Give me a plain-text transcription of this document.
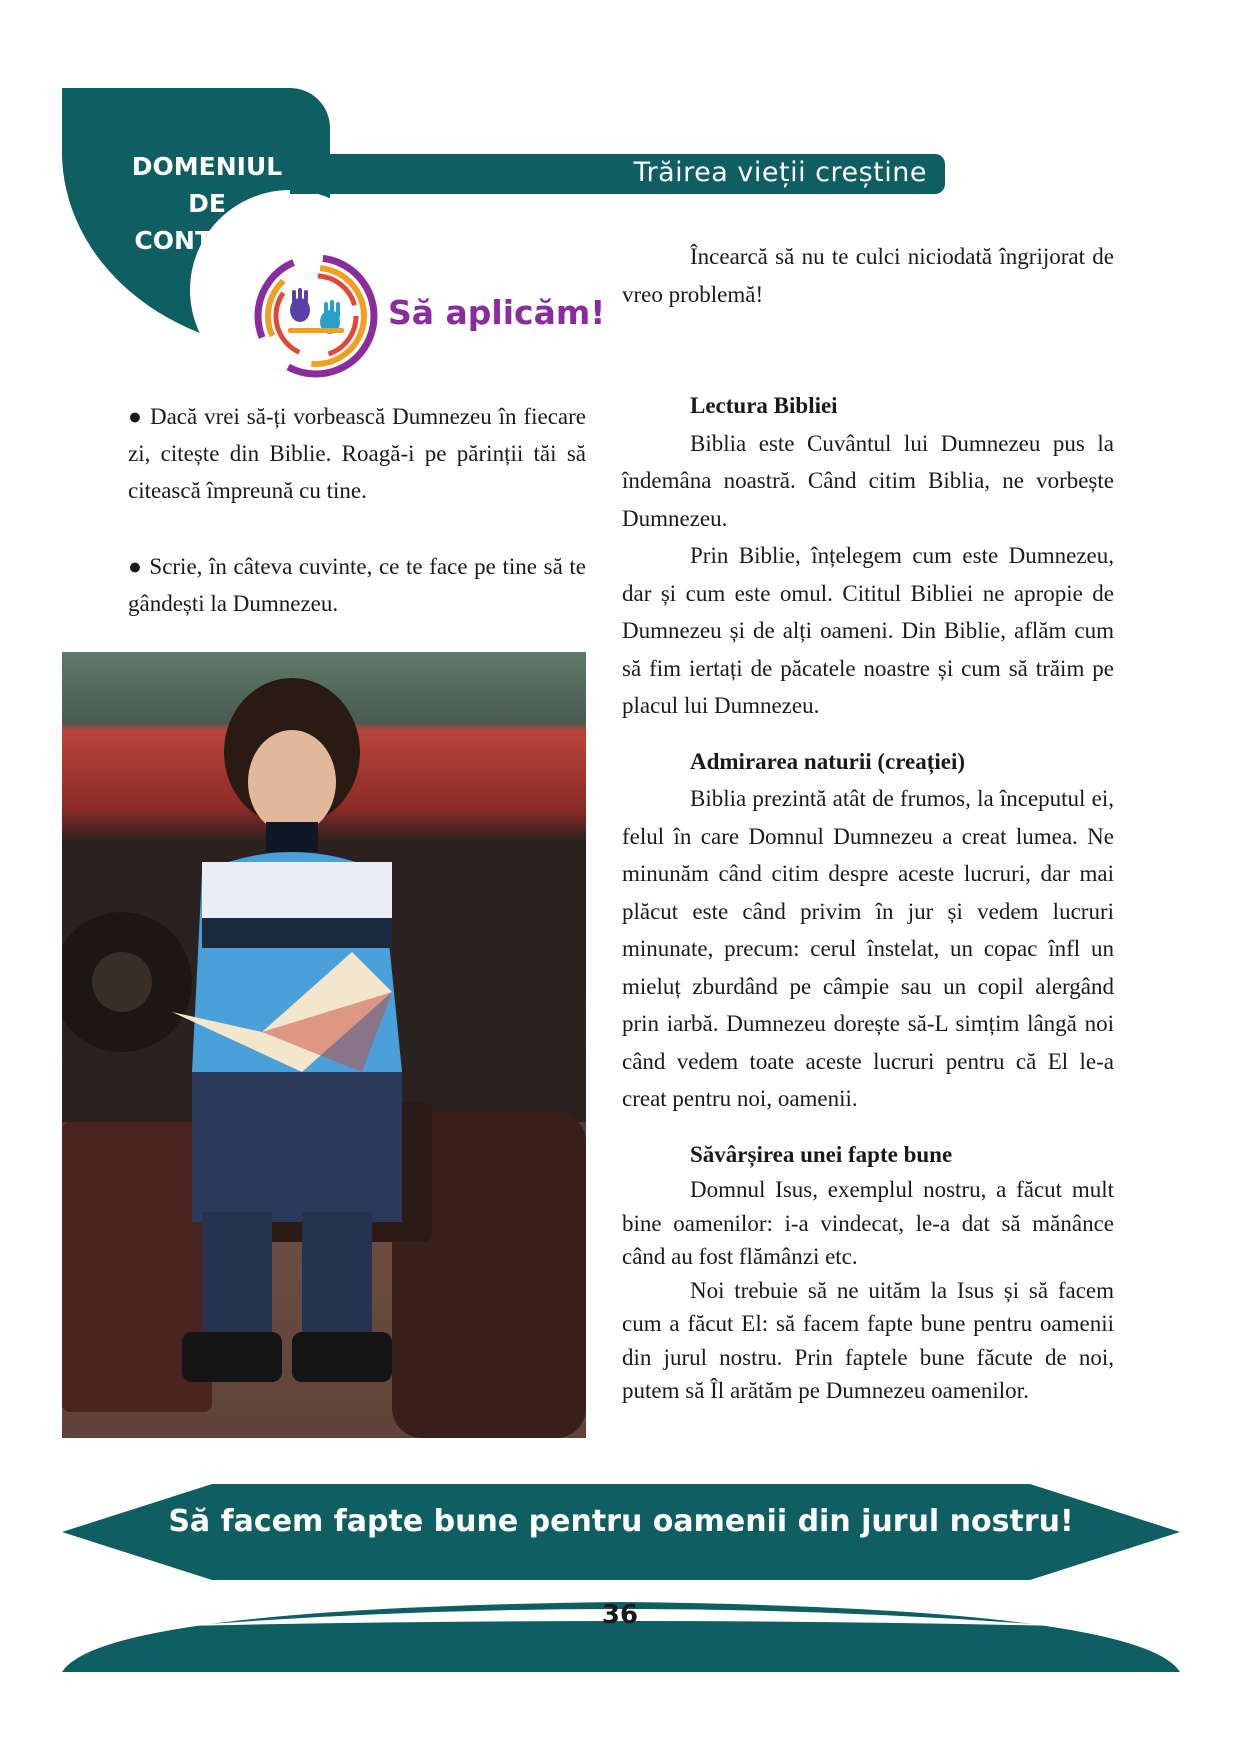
DOMENIUL
DE
CONȚINUT
II
Trăirea vieții creștine
Să aplicăm!

● Dacă vrei să-ți vorbească Dumnezeu în fiecare zi, citește din Biblie. Roagă-i pe părinții tăi să citească împreună cu tine.

● Scrie, în câteva cuvinte, ce te face pe tine să te gândești la Dumnezeu.

Încearcă să nu te culci niciodată îngrijorat de vreo problemă!

Lectura Bibliei

Biblia este Cuvântul lui Dumnezeu pus la îndemâna noastră. Când citim Biblia, ne vorbește Dumnezeu.

Prin Biblie, înțelegem cum este Dumnezeu, dar și cum este omul. Cititul Bibliei ne apropie de Dumnezeu și de alți oameni. Din Biblie, aflăm cum să fim iertați de păcatele noastre și cum să trăim pe placul lui Dumnezeu.

Admirarea naturii (creației)

Biblia prezintă atât de frumos, la începutul ei, felul în care Domnul Dumnezeu a creat lumea. Ne minunăm când citim despre aceste lucruri, dar mai plăcut este când privim în jur și vedem lucruri minunate, precum: cerul înstelat, un copac înfl un mieluț zburdând pe câmpie sau un copil alergând prin iarbă. Dumnezeu dorește să-L simțim lângă noi când vedem toate aceste lucruri pentru că El le-a creat pentru noi, oamenii.

Săvârșirea unei fapte bune

Domnul Isus, exemplul nostru, a făcut mult bine oamenilor: i-a vindecat, le-a dat să mănânce când au fost flămânzi etc.

Noi trebuie să ne uităm la Isus și să facem cum a făcut El: să facem fapte bune pentru oamenii din jurul nostru. Prin faptele bune făcute de noi, putem să Îl arătăm pe Dumnezeu oamenilor.

Să facem fapte bune pentru oamenii din jurul nostru!
36
